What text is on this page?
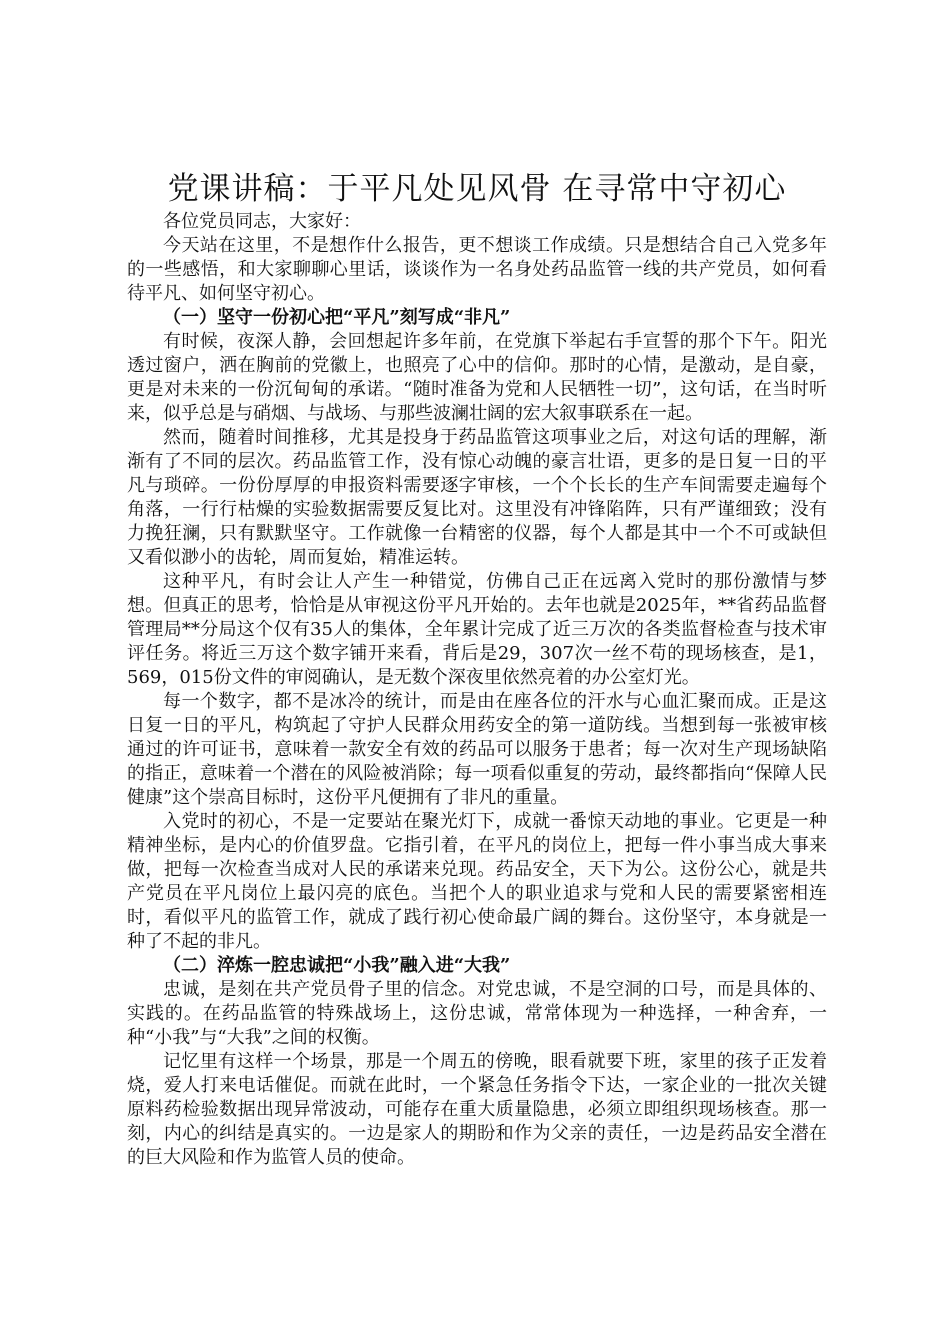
党课讲稿：于平凡处见风骨 在寻常中守初心

各位党员同志，大家好：

今天站在这里，不是想作什么报告，更不想谈工作成绩。只是想结合自己入党多年的一些感悟，和大家聊聊心里话，谈谈作为一名身处药品监管一线的共产党员，如何看待平凡、如何坚守初心。

（一）坚守一份初心把“平凡”刻写成“非凡”

有时候，夜深人静，会回想起许多年前，在党旗下举起右手宣誓的那个下午。阳光透过窗户，洒在胸前的党徽上，也照亮了心中的信仰。那时的心情，是激动，是自豪，更是对未来的一份沉甸甸的承诺。“随时准备为党和人民牺牲一切”，这句话，在当时听来，似乎总是与硝烟、与战场、与那些波澜壮阔的宏大叙事联系在一起。

然而，随着时间推移，尤其是投身于药品监管这项事业之后，对这句话的理解，渐渐有了不同的层次。药品监管工作，没有惊心动魄的豪言壮语，更多的是日复一日的平凡与琐碎。一份份厚厚的申报资料需要逐字审核，一个个长长的生产车间需要走遍每个角落，一行行枯燥的实验数据需要反复比对。这里没有冲锋陷阵，只有严谨细致；没有力挽狂澜，只有默默坚守。工作就像一台精密的仪器，每个人都是其中一个不可或缺但又看似渺小的齿轮，周而复始，精准运转。

这种平凡，有时会让人产生一种错觉，仿佛自己正在远离入党时的那份激情与梦想。但真正的思考，恰恰是从审视这份平凡开始的。去年也就是2025年，**省药品监督管理局**分局这个仅有35人的集体，全年累计完成了近三万次的各类监督检查与技术审评任务。将近三万这个数字铺开来看，背后是29，307次一丝不苟的现场核查，是1，569，015份文件的审阅确认，是无数个深夜里依然亮着的办公室灯光。

每一个数字，都不是冰冷的统计，而是由在座各位的汗水与心血汇聚而成。正是这日复一日的平凡，构筑起了守护人民群众用药安全的第一道防线。当想到每一张被审核通过的许可证书，意味着一款安全有效的药品可以服务于患者；每一次对生产现场缺陷的指正，意味着一个潜在的风险被消除；每一项看似重复的劳动，最终都指向“保障人民健康”这个崇高目标时，这份平凡便拥有了非凡的重量。

入党时的初心，不是一定要站在聚光灯下，成就一番惊天动地的事业。它更是一种精神坐标，是内心的价值罗盘。它指引着，在平凡的岗位上，把每一件小事当成大事来做，把每一次检查当成对人民的承诺来兑现。药品安全，天下为公。这份公心，就是共产党员在平凡岗位上最闪亮的底色。当把个人的职业追求与党和人民的需要紧密相连时，看似平凡的监管工作，就成了践行初心使命最广阔的舞台。这份坚守，本身就是一种了不起的非凡。

（二）淬炼一腔忠诚把“小我”融入进“大我”

忠诚，是刻在共产党员骨子里的信念。对党忠诚，不是空洞的口号，而是具体的、实践的。在药品监管的特殊战场上，这份忠诚，常常体现为一种选择，一种舍弃，一种“小我”与“大我”之间的权衡。

记忆里有这样一个场景，那是一个周五的傍晚，眼看就要下班，家里的孩子正发着烧，爱人打来电话催促。而就在此时，一个紧急任务指令下达，一家企业的一批次关键原料药检验数据出现异常波动，可能存在重大质量隐患，必须立即组织现场核查。那一刻，内心的纠结是真实的。一边是家人的期盼和作为父亲的责任，一边是药品安全潜在的巨大风险和作为监管人员的使命。
